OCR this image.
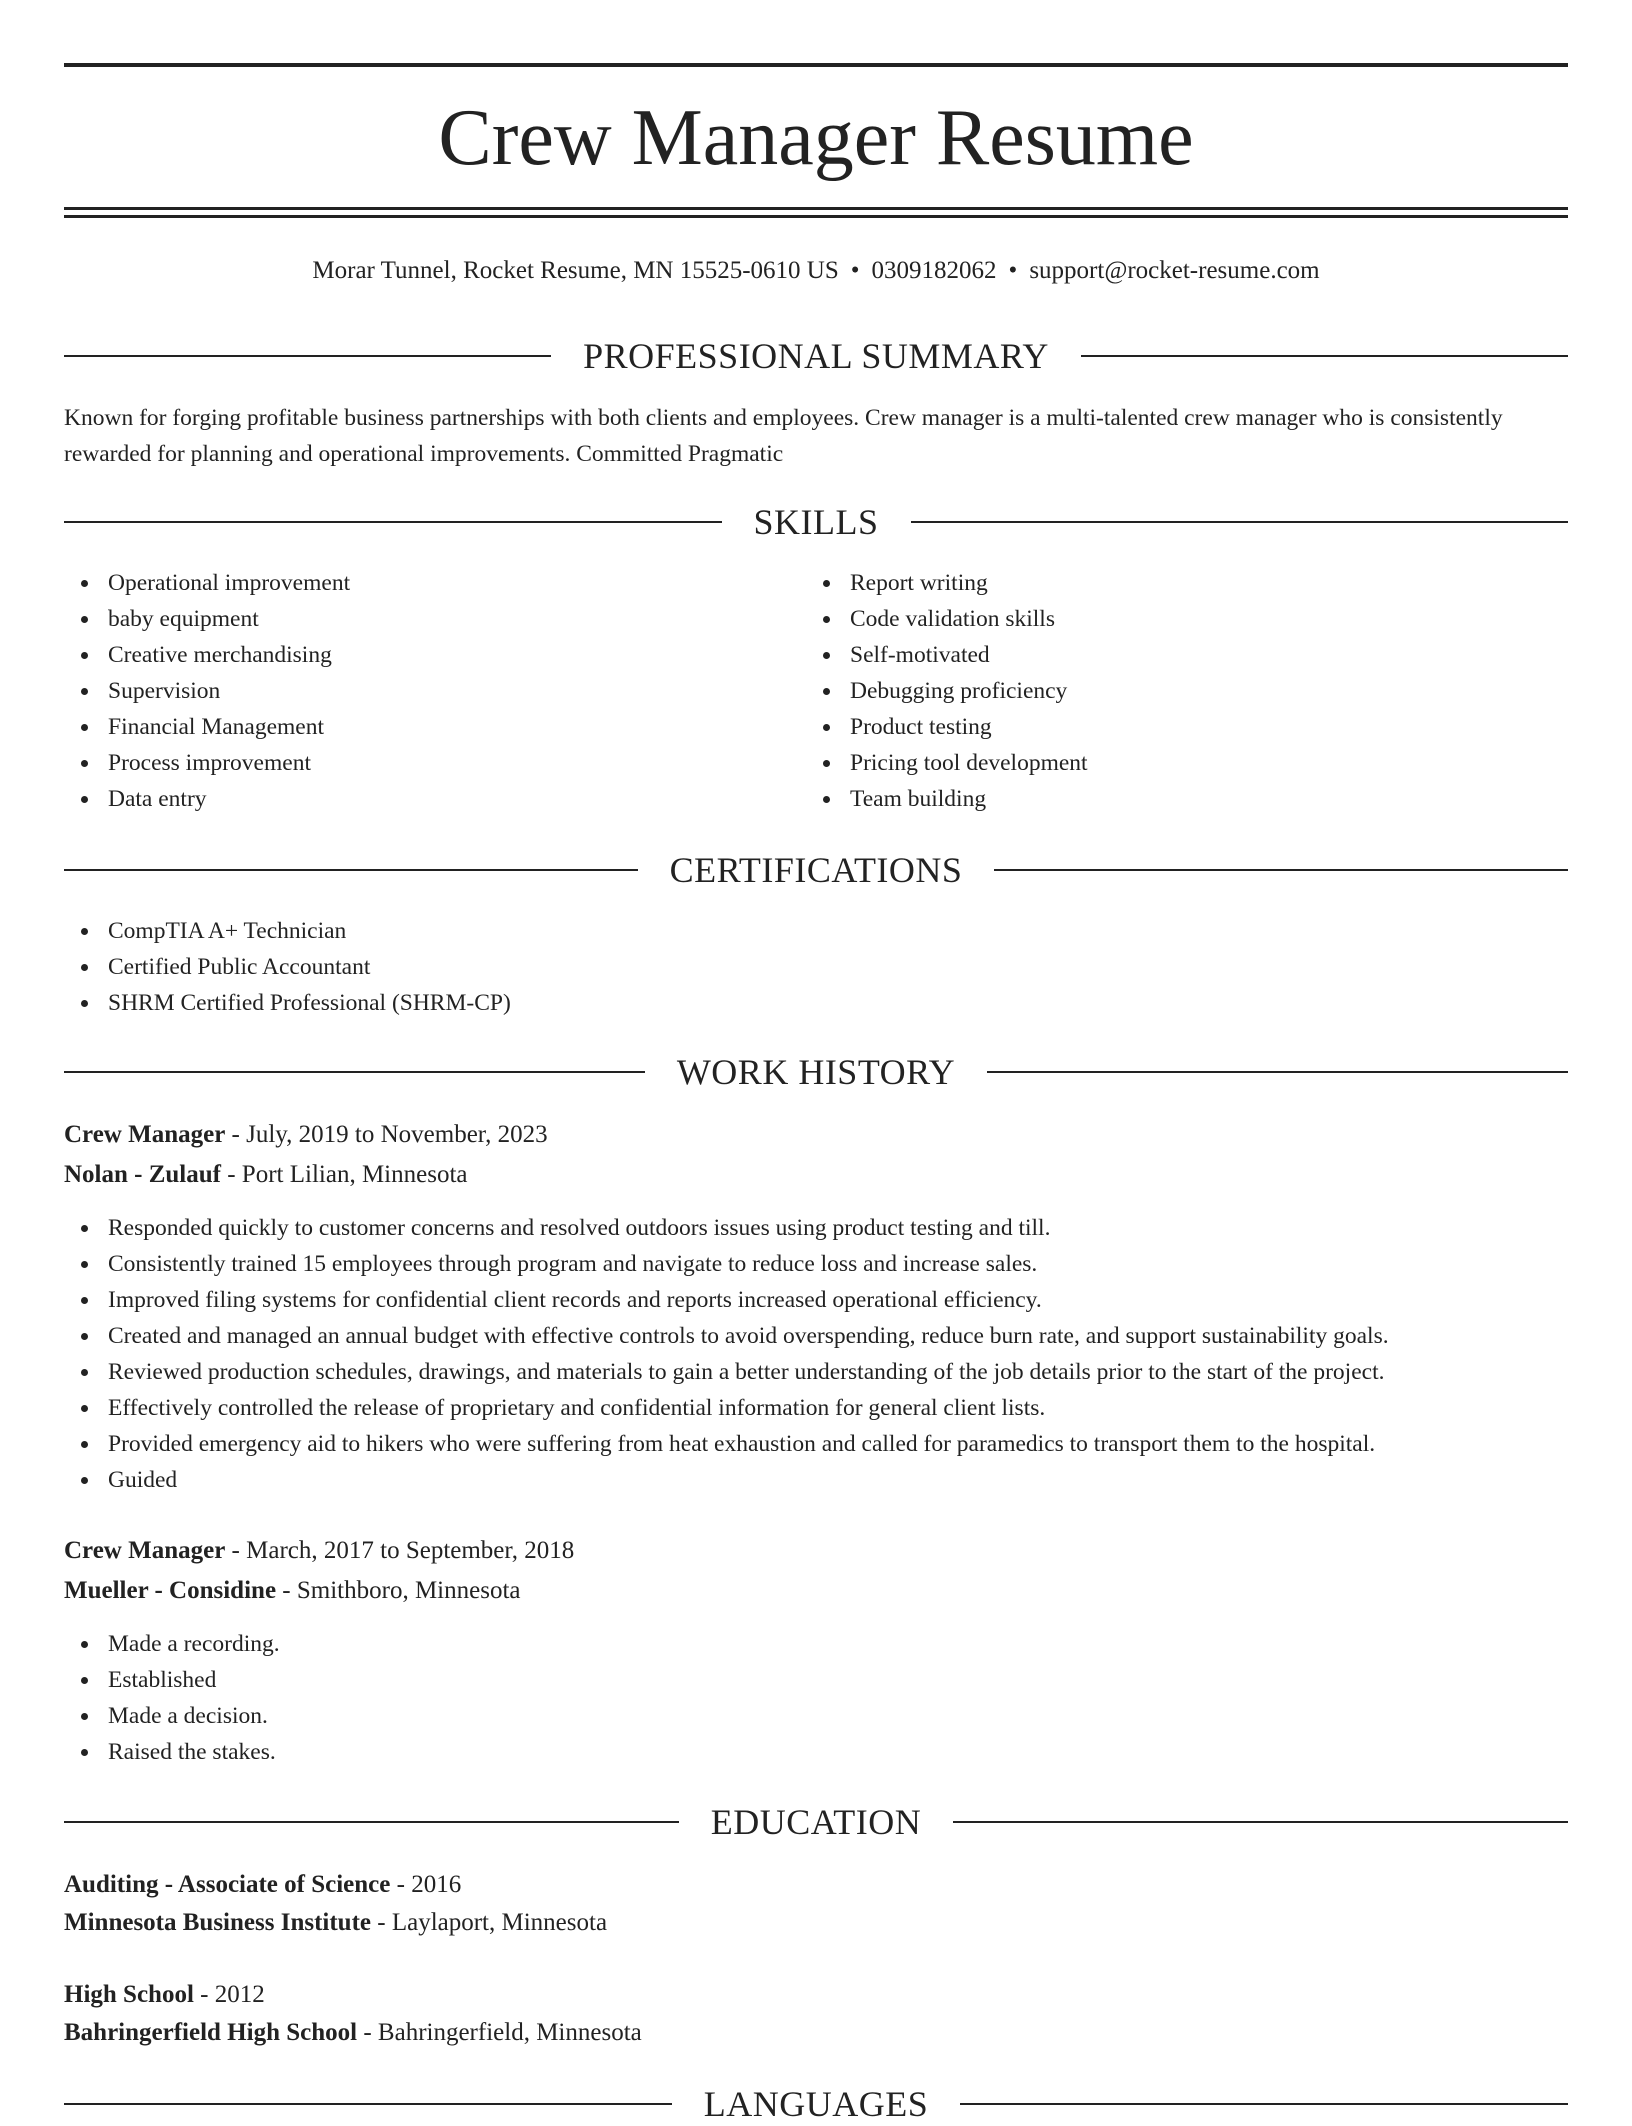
Crew Manager Resume
Morar Tunnel, Rocket Resume, MN 15525-0610 US • 0309182062 • support@rocket-resume.com
PROFESSIONAL SUMMARY
Known for forging profitable business partnerships with both clients and employees. Crew manager is a multi-talented crew manager who is consistently rewarded for planning and operational improvements. Committed Pragmatic
SKILLS
Operational improvement
baby equipment
Creative merchandising
Supervision
Financial Management
Process improvement
Data entry
Report writing
Code validation skills
Self-motivated
Debugging proficiency
Product testing
Pricing tool development
Team building
CERTIFICATIONS
CompTIA A+ Technician
Certified Public Accountant
SHRM Certified Professional (SHRM-CP)
WORK HISTORY
Crew Manager - July, 2019 to November, 2023
Nolan - Zulauf - Port Lilian, Minnesota
Responded quickly to customer concerns and resolved outdoors issues using product testing and till.
Consistently trained 15 employees through program and navigate to reduce loss and increase sales.
Improved filing systems for confidential client records and reports increased operational efficiency.
Created and managed an annual budget with effective controls to avoid overspending, reduce burn rate, and support sustainability goals.
Reviewed production schedules, drawings, and materials to gain a better understanding of the job details prior to the start of the project.
Effectively controlled the release of proprietary and confidential information for general client lists.
Provided emergency aid to hikers who were suffering from heat exhaustion and called for paramedics to transport them to the hospital.
Guided
Crew Manager - March, 2017 to September, 2018
Mueller - Considine - Smithboro, Minnesota
Made a recording.
Established
Made a decision.
Raised the stakes.
EDUCATION
Auditing - Associate of Science - 2016
Minnesota Business Institute - Laylaport, Minnesota
High School - 2012
Bahringerfield High School - Bahringerfield, Minnesota
LANGUAGES
